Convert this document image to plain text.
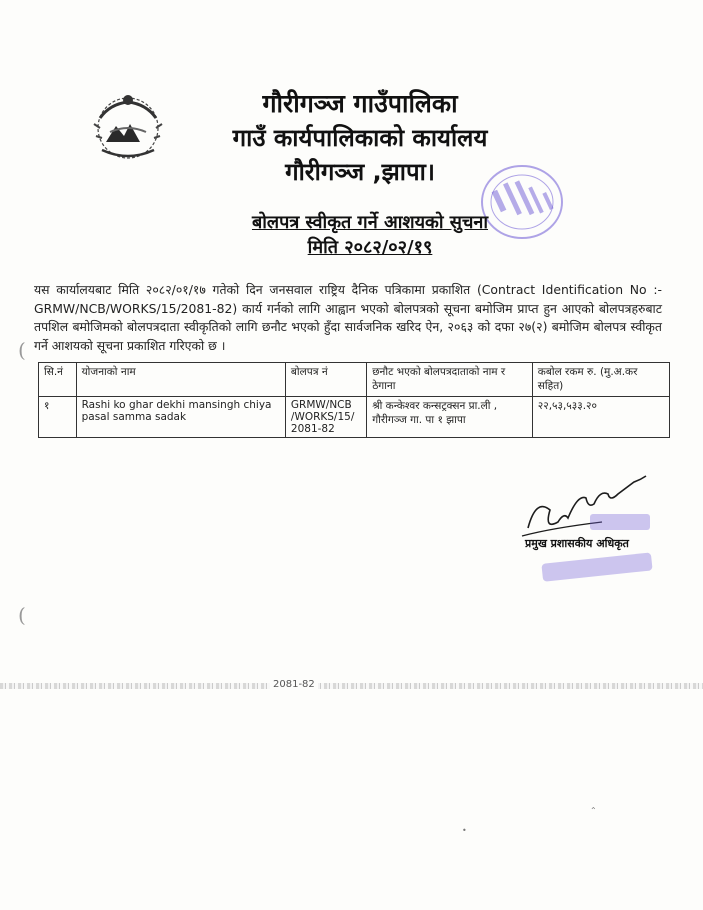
गौरीगञ्ज गाउँपालिका
गाउँ कार्यपालिकाको कार्यालय
गौरीगञ्ज ,झापा।
बोलपत्र स्वीकृत गर्ने आशयको सुचना
मिति २०८२/०२/१९
यस कार्यालयबाट मिति २०८२/०१/१७ गतेको दिन जनसवाल राष्ट्रिय दैनिक पत्रिकामा प्रकाशित (Contract Identification No :- GRMW/NCB/WORKS/15/2081-82) कार्य गर्नको लागि आह्वान भएको बोलपत्रको सूचना बमोजिम प्राप्त हुन आएको बोलपत्रहरुबाट तपशिल बमोजिमको बोलपत्रदाता स्वीकृतिको लागि छनौट भएको हुँदा सार्वजनिक खरिद ऐन, २०६३ को दफा २७(२) बमोजिम बोलपत्र स्वीकृत गर्ने आशयको सूचना प्रकाशित गरिएको छ ।
(
(
सि.नं	योजनाको नाम	बोलपत्र नं	छनौट भएको बोलपत्रदाताको नाम र ठेगाना	कबोल रकम रु. (मु.अ.कर सहित)
१	Rashi ko ghar dekhi mansingh chiya pasal samma sadak	GRMW/NCB /WORKS/15/ 2081-82	श्री कन्केश्वर कन्सट्रक्सन प्रा.ली , गौरीगञ्ज गा. पा १ झापा	२२,५३,५३३.२०
प्रमुख प्रशासकीय अधिकृत
2081-82
•
⌃
